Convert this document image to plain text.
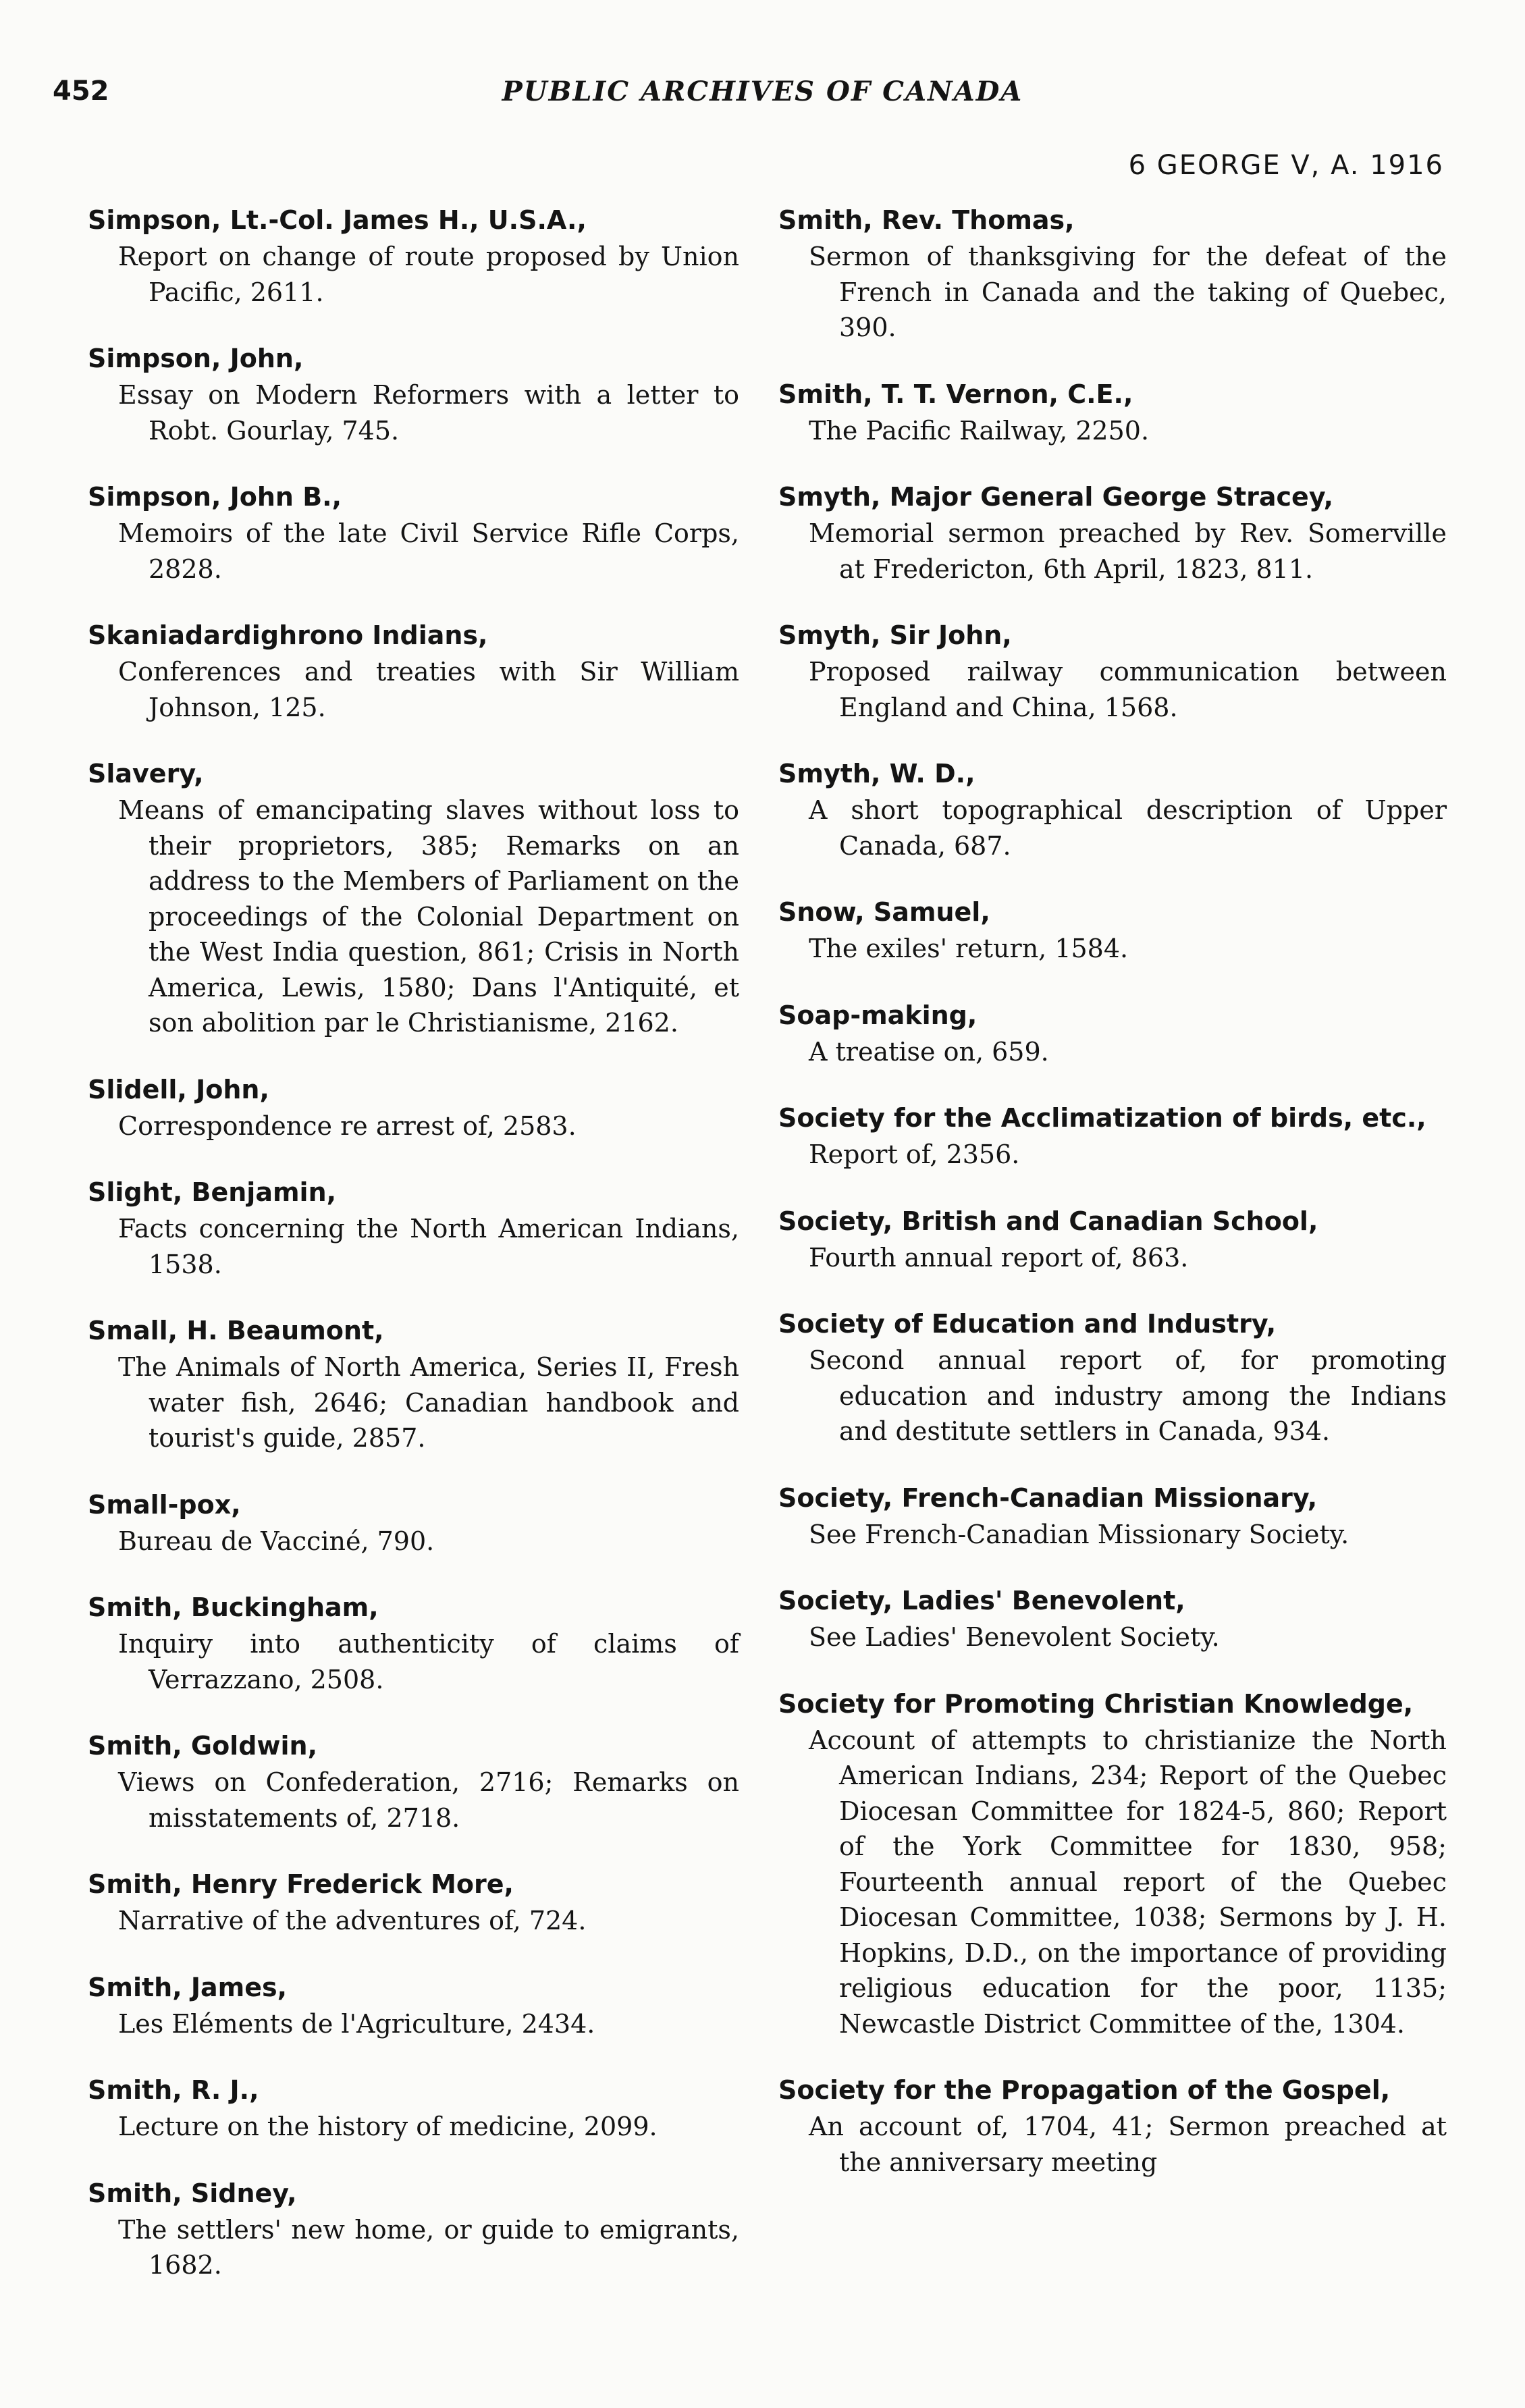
452	PUBLIC ARCHIVES OF CANADA
6 GEORGE V, A. 1916
Simpson, Lt.-Col. James H., U.S.A.,
Report on change of route proposed by Union Pacific, 2611.
Simpson, John,
Essay on Modern Reformers with a letter to Robt. Gourlay, 745.
Simpson, John B.,
Memoirs of the late Civil Service Rifle Corps, 2828.
Skaniadardighrono Indians,
Conferences and treaties with Sir William Johnson, 125.
Slavery,
Means of emancipating slaves without loss to their proprietors, 385; Remarks on an address to the Members of Parliament on the proceedings of the Colonial Department on the West India question, 861; Crisis in North America, Lewis, 1580; Dans l'Antiquité, et son abolition par le Christianisme, 2162.
Slidell, John,
Correspondence re arrest of, 2583.
Slight, Benjamin,
Facts concerning the North American Indians, 1538.
Small, H. Beaumont,
The Animals of North America, Series II, Fresh water fish, 2646; Canadian handbook and tourist's guide, 2857.
Small-pox,
Bureau de Vacciné, 790.
Smith, Buckingham,
Inquiry into authenticity of claims of Verrazzano, 2508.
Smith, Goldwin,
Views on Confederation, 2716; Remarks on misstatements of, 2718.
Smith, Henry Frederick More,
Narrative of the adventures of, 724.
Smith, James,
Les Eléments de l'Agriculture, 2434.
Smith, R. J.,
Lecture on the history of medicine, 2099.
Smith, Sidney,
The settlers' new home, or guide to emigrants, 1682.
Smith, Rev. Thomas,
Sermon of thanksgiving for the defeat of the French in Canada and the taking of Quebec, 390.
Smith, T. T. Vernon, C.E.,
The Pacific Railway, 2250.
Smyth, Major General George Stracey,
Memorial sermon preached by Rev. Somerville at Fredericton, 6th April, 1823, 811.
Smyth, Sir John,
Proposed railway communication between England and China, 1568.
Smyth, W. D.,
A short topographical description of Upper Canada, 687.
Snow, Samuel,
The exiles' return, 1584.
Soap-making,
A treatise on, 659.
Society for the Acclimatization of birds, etc.,
Report of, 2356.
Society, British and Canadian School,
Fourth annual report of, 863.
Society of Education and Industry,
Second annual report of, for promoting education and industry among the Indians and destitute settlers in Canada, 934.
Society, French-Canadian Missionary,
See French-Canadian Missionary Society.
Society, Ladies' Benevolent,
See Ladies' Benevolent Society.
Society for Promoting Christian Knowledge,
Account of attempts to christianize the North American Indians, 234; Report of the Quebec Diocesan Committee for 1824-5, 860; Report of the York Committee for 1830, 958; Fourteenth annual report of the Quebec Diocesan Committee, 1038; Sermons by J. H. Hopkins, D.D., on the importance of providing religious education for the poor, 1135; Newcastle District Committee of the, 1304.
Society for the Propagation of the Gospel,
An account of, 1704, 41; Sermon preached at the anniversary meeting
